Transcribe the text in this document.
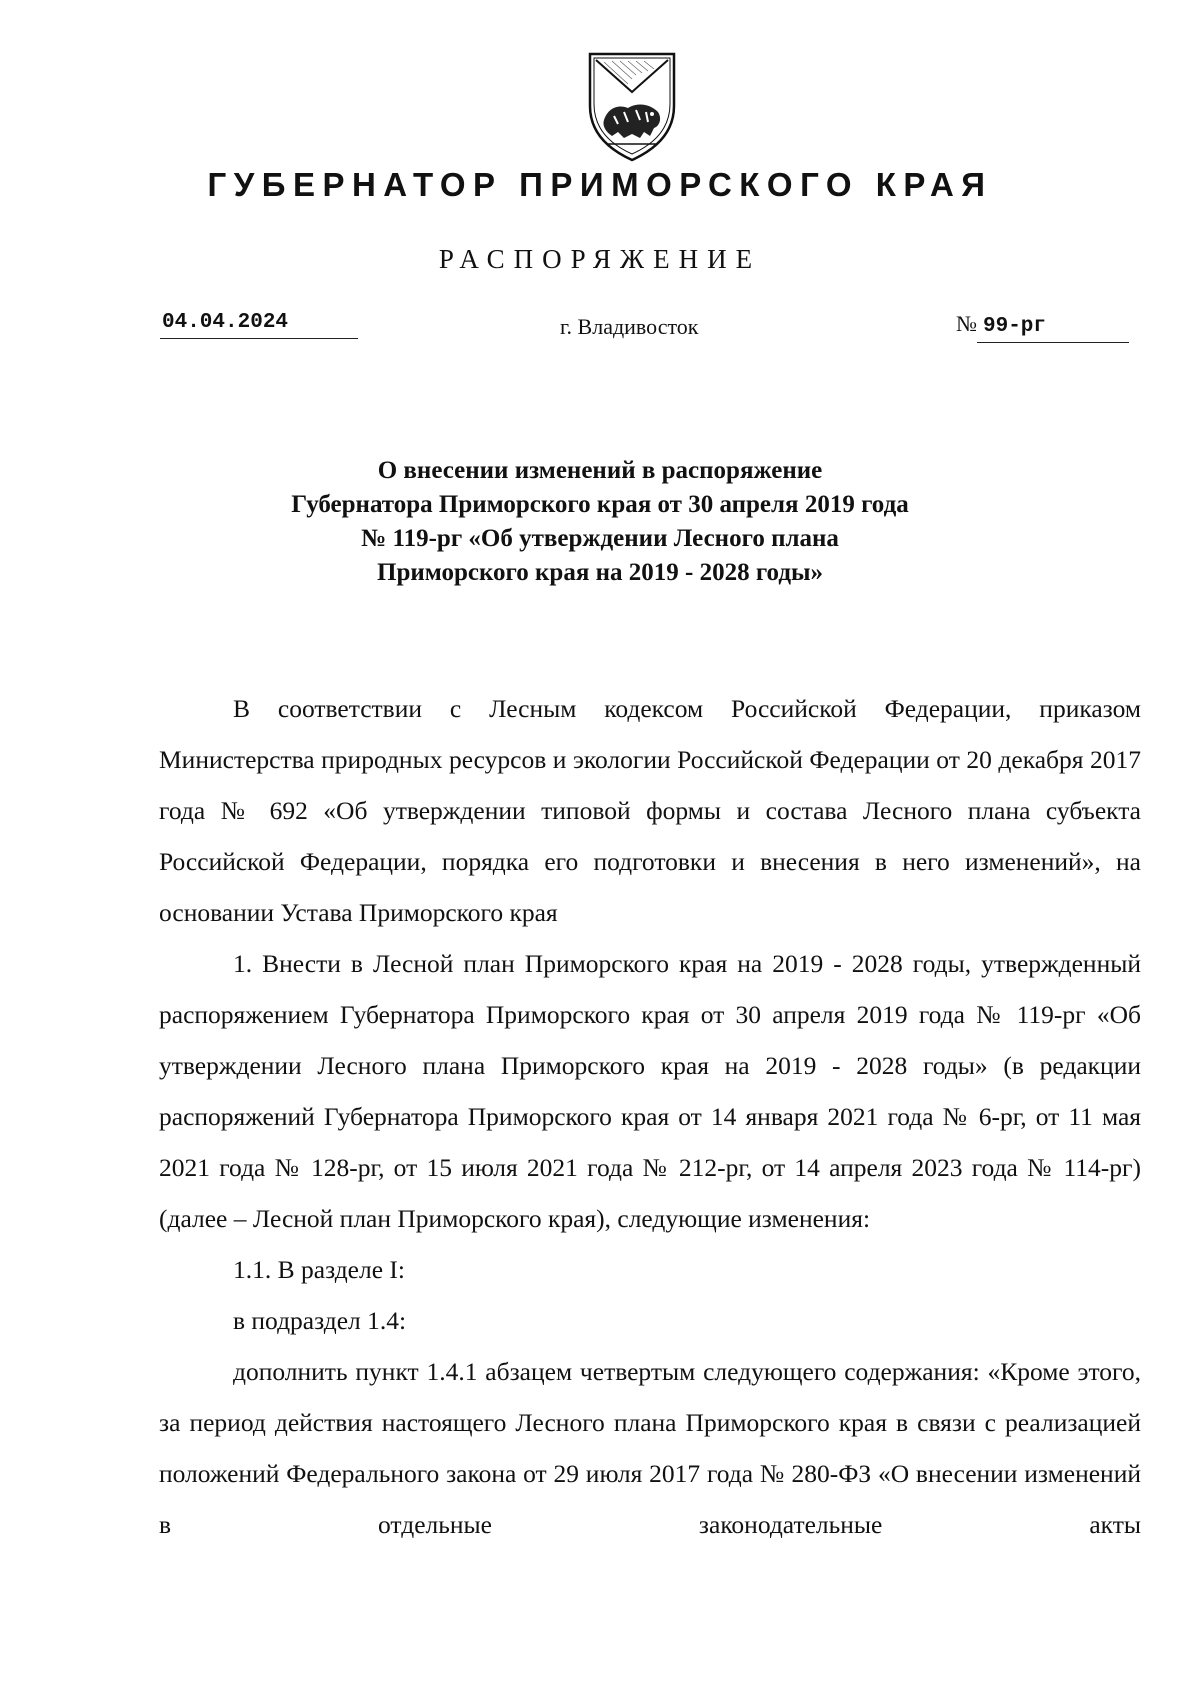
ГУБЕРНАТОР ПРИМОРСКОГО КРАЯ
РАСПОРЯЖЕНИЕ
04.04.2024	г. Владивосток	№ 99-рг
О внесении изменений в распоряжение
Губернатора Приморского края от 30 апреля 2019 года
№ 119-рг «Об утверждении Лесного плана
Приморского края на 2019 - 2028 годы»

В соответствии с Лесным кодексом Российской Федерации, приказом Министерства природных ресурсов и экологии Российской Федерации от 20 декабря 2017 года № 692 «Об утверждении типовой формы и состава Лесного плана субъекта Российской Федерации, порядка его подготовки и внесения в него изменений», на основании Устава Приморского края

1. Внести в Лесной план Приморского края на 2019 - 2028 годы, утвержденный распоряжением Губернатора Приморского края от 30 апреля 2019 года № 119-рг «Об утверждении Лесного плана Приморского края на 2019 - 2028 годы» (в редакции распоряжений Губернатора Приморского края от 14 января 2021 года № 6-рг, от 11 мая 2021 года № 128-рг, от 15 июля 2021 года № 212-рг, от 14 апреля 2023 года № 114-рг) (далее – Лесной план Приморского края), следующие изменения:

1.1. В разделе I:

в подраздел 1.4:

дополнить пункт 1.4.1 абзацем четвертым следующего содержания: «Кроме этого, за период действия настоящего Лесного плана Приморского края в связи с реализацией положений Федерального закона от 29 июля 2017 года № 280-ФЗ «О внесении изменений в отдельные законодательные акты
